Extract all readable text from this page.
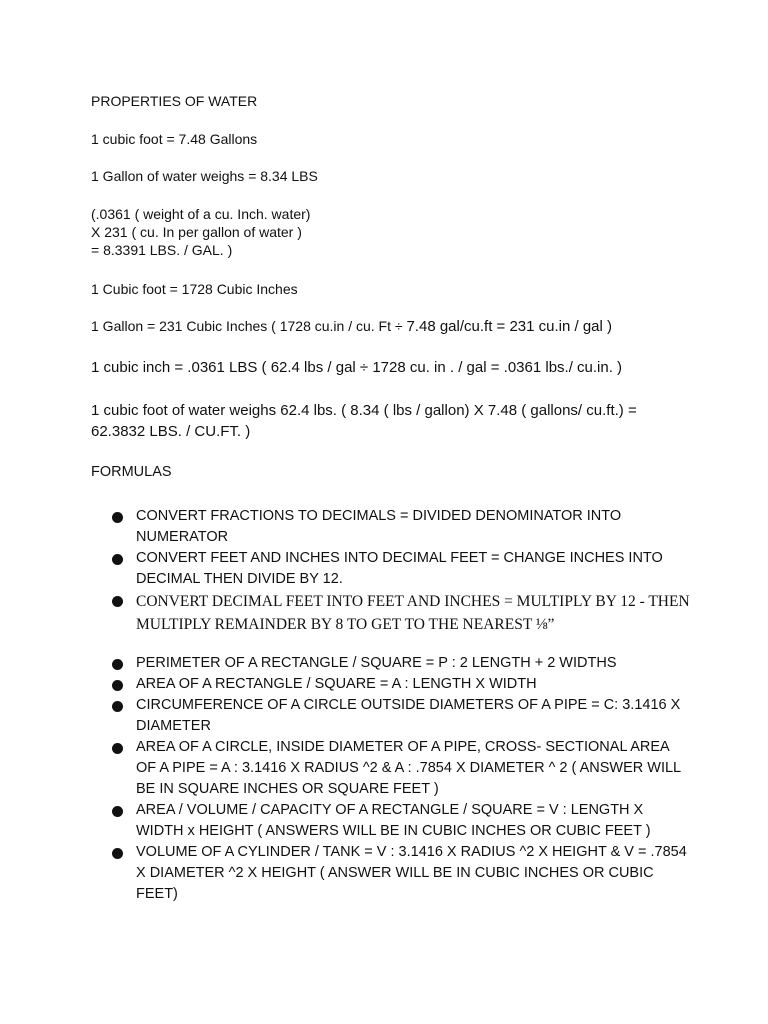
PROPERTIES OF WATER
1 cubic foot = 7.48 Gallons
1 Gallon of water weighs = 8.34 LBS
(.0361 ( weight of a cu. Inch. water)
X 231 ( cu. In per gallon of water )
= 8.3391 LBS. / GAL. )
1 Cubic foot = 1728 Cubic Inches
1 Gallon = 231 Cubic Inches ( 1728 cu.in / cu. Ft ÷ 7.48 gal/cu.ft = 231 cu.in / gal )
1 cubic inch = .0361 LBS ( 62.4 lbs / gal ÷ 1728 cu. in . / gal = .0361 lbs./ cu.in. )
1 cubic foot of water weighs 62.4 lbs. ( 8.34 ( lbs / gallon) X 7.48 ( gallons/ cu.ft.) =
62.3832 LBS. / CU.FT. )
FORMULAS
CONVERT FRACTIONS TO DECIMALS = DIVIDED DENOMINATOR INTO NUMERATOR
CONVERT FEET AND INCHES INTO DECIMAL FEET = CHANGE INCHES INTO DECIMAL THEN DIVIDE BY 12.
CONVERT DECIMAL FEET INTO FEET AND INCHES = MULTIPLY BY 12 - THEN MULTIPLY REMAINDER BY 8 TO GET TO THE NEAREST ⅛”
PERIMETER OF A RECTANGLE / SQUARE = P : 2 LENGTH + 2 WIDTHS
AREA OF A RECTANGLE / SQUARE = A : LENGTH X WIDTH
CIRCUMFERENCE OF A CIRCLE OUTSIDE DIAMETERS OF A PIPE = C: 3.1416 X DIAMETER
AREA OF A CIRCLE, INSIDE DIAMETER OF A PIPE, CROSS- SECTIONAL AREA OF A PIPE = A : 3.1416 X RADIUS ^2 & A : .7854 X DIAMETER ^ 2 ( ANSWER WILL BE IN SQUARE INCHES OR SQUARE FEET )
AREA / VOLUME / CAPACITY OF A RECTANGLE / SQUARE = V : LENGTH X WIDTH x HEIGHT ( ANSWERS WILL BE IN CUBIC INCHES OR CUBIC FEET )
VOLUME OF A CYLINDER / TANK = V : 3.1416 X RADIUS ^2 X HEIGHT & V = .7854 X DIAMETER ^2 X HEIGHT ( ANSWER WILL BE IN CUBIC INCHES OR CUBIC FEET)
